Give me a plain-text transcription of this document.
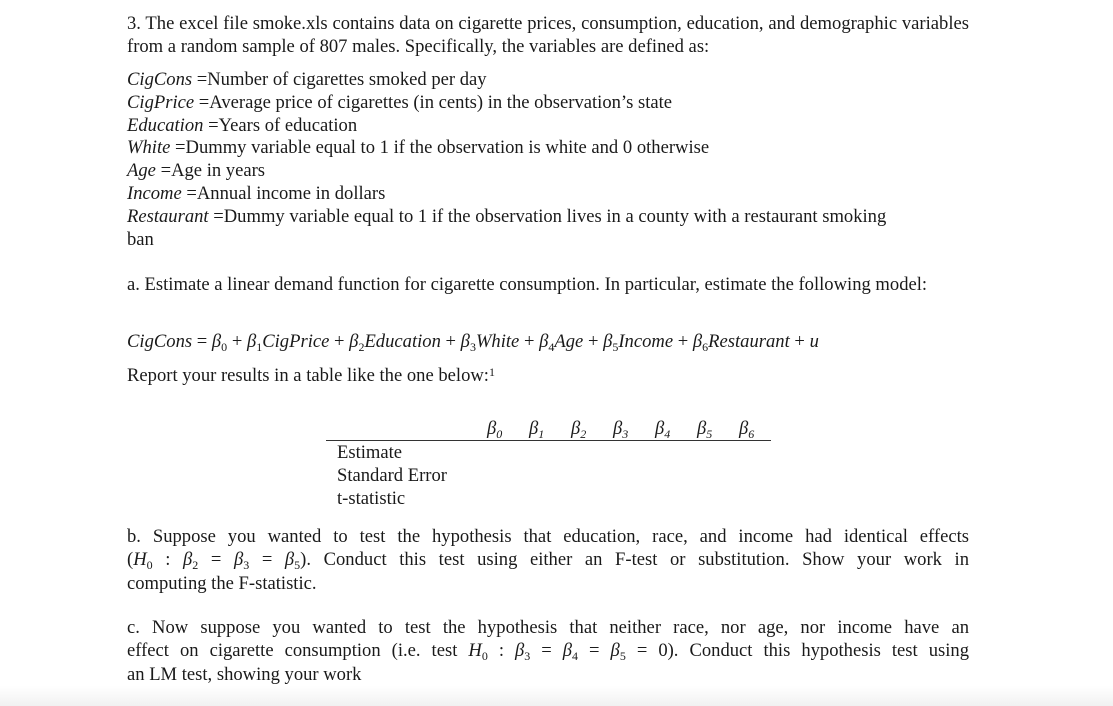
3. The excel file smoke.xls contains data on cigarette prices, consumption, education, and demographic variables from a random sample of 807 males. Specifically, the variables are defined as:
CigCons =Number of cigarettes smoked per day
CigPrice =Average price of cigarettes (in cents) in the observation’s state
Education =Years of education
White =Dummy variable equal to 1 if the observation is white and 0 otherwise
Age =Age in years
Income =Annual income in dollars
Restaurant =Dummy variable equal to 1 if the observation lives in a county with a restaurant smoking
ban
a. Estimate a linear demand function for cigarette consumption. In particular, estimate the following model:
CigCons = $\beta_0$ + $\beta_1CigPrice$ + $\beta_2Education$ + $\beta_3White + \beta_4Age$ + $\beta_5Income$ + $\beta_6Restaurant + u$
Report your results in a table like the one below:$^1$
$\beta_0$ $\beta_1$ $\beta_2$ $\beta_3$ $\beta_4$ $\beta_5$ $\beta_6$
Estimate
Standard Error
t-statistic
b. Suppose you wanted to test the hypothesis that education, race, and income had identical effects
($H_0$ : $\beta_2 = \beta_3 = \beta_5$). Conduct this test using either an F-test or substitution. Show your work in
computing the F-statistic.
c. Now suppose you wanted to test the hypothesis that neither race, nor age, nor income have an
effect on cigarette consumption (i.e. test $H_0$ : $\beta_3 = \beta_4 = \beta_5 = 0$). Conduct this hypothesis test using
an LM test, showing your work
